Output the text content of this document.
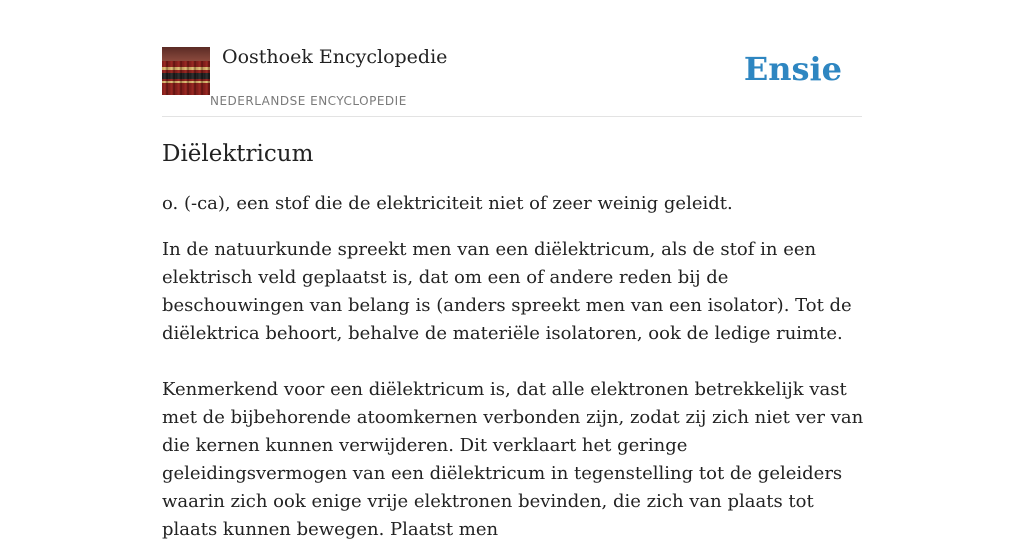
Oosthoek Encyclopedie
NEDERLANDSE ENCYCLOPEDIE
Ensie
Diëlektricum

o. (-ca), een stof die de elektriciteit niet of zeer weinig geleidt.

In de natuurkunde spreekt men van een diëlektricum, als de stof in een elektrisch veld geplaatst is, dat om een of andere reden bij de beschouwingen van belang is (anders spreekt men van een isolator). Tot de diëlektrica behoort, behalve de materiële isolatoren, ook de ledige ruimte.

Kenmerkend voor een diëlektricum is, dat alle elektronen betrekkelijk vast met de bijbehorende atoomkernen verbonden zijn, zodat zij zich niet ver van die kernen kunnen verwijderen. Dit verklaart het geringe geleidingsvermogen van een diëlektricum in tegenstelling tot de geleiders waarin zich ook enige vrije elektronen bevinden, die zich van plaats tot plaats kunnen bewegen. Plaatst men
